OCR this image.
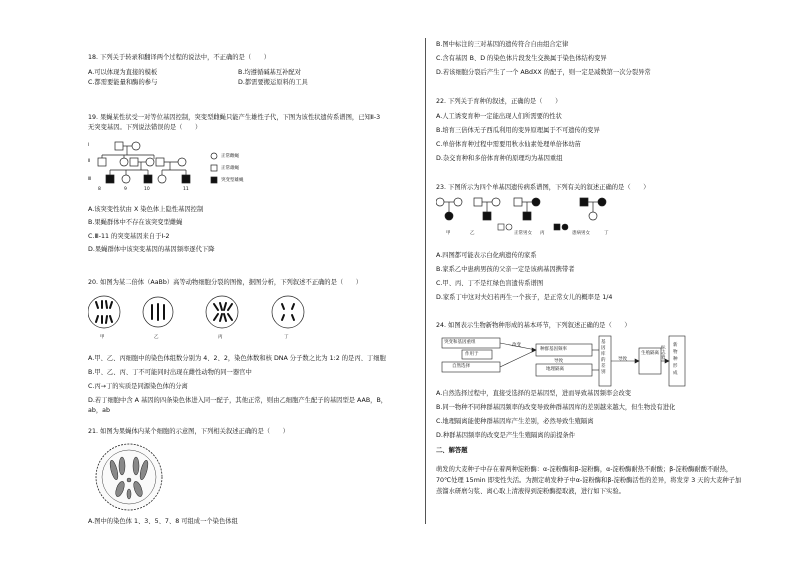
18. 下列关于转录和翻译两个过程的说法中，不正确的是（　　）
A.可以体现为直接的模板	B.均遵循碱基互补配对
C.都需要能量和酶的参与	D.都需要搬运原料的工具
19. 果蝇某性状受一对等位基因控制，突变型雌蝇只能产生雄性子代，下图为该性状遗传系谱图，已知Ⅱ-3
无突变基因。下列说法错误的是（　　）
Ⅰ
Ⅱ
Ⅲ
8	9	10	11
正常雌蝇
正常雄蝇
突变型雄蝇
A.该突变性状由 X 染色体上隐性基因控制
B.果蝇群体中不存在该突变型雌蝇
C.Ⅲ-11 的突变基因来自于Ⅰ-2
D.果蝇群体中该突变基因的基因频率逐代下降
20. 如图为某二倍体（AaBb）高等动物细胞分裂的图像，据图分析，下列叙述不正确的是（　　）
甲	乙	丙	丁
A.甲、乙、丙细胞中的染色体组数分别为 4、2、2，染色体数和核 DNA 分子数之比为 1:2 的是丙、丁细胞
B.甲、乙、丙、丁不可能同时出现在雌性动物的同一器官中
C.丙→丁的实质是同源染色体的分离
D.若丁细胞中含 A 基因的四条染色体进入同一配子，其他正常，则由乙细胞产生配子的基因型是 AAB，B，
ab，ab
21. 如图为果蝇体内某个细胞的示意图，下列相关叙述正确的是（　　）
A.图中的染色体 1、3、5、7、8 可组成一个染色体组
B.图中标注的三对基因的遗传符合自由组合定律
C.含有基因 B、D 的染色体片段发生交换属于染色体结构变异
D.若该细胞分裂后产生了一个 ABdXX 的配子，则一定是减数第一次分裂异常
22. 下列关于育种的叙述，正确的是（　　）
A.人工诱变育种一定能出现人们所需要的性状
B.培育三倍体无子西瓜利用的变异原理属于不可遗传的变异
C.单倍体育种过程中需要用秋水仙素处理单倍体幼苗
D.杂交育种和多倍体育种的原理均为基因重组
23. 下图所示为四个单基因遗传病系谱图，下列有关的叙述正确的是（　　）
甲	乙	正常男女 丙	患病男女	丁
A.四图都可能表示白化病遗传的家系
B.家系乙中患病男孩的父亲一定是该病基因携带者
C.甲、丙、丁不是红绿色盲遗传系谱图
D.家系丁中这对夫妇若再生一个孩子，是正常女儿的概率是 1/4
24. 如图表示生物新物种形成的基本环节，下列叙述正确的是（　　）
突变和基因重组
作用于
自然选择
改变
种群基因频率
导致
地理隔离
基因库的差别
导致
生殖隔离
标志着
新物种形成
A.自然选择过程中，直接受选择的是基因型，进而导致基因频率会改变
B.同一物种不同种群基因频率的改变导致种群基因库的差别越来越大，但生物没有进化
C.地理隔离能使种群基因库产生差别，必然导致生殖隔离
D.种群基因频率的改变是产生生殖隔离的前提条件
二、解答题
萌发的大麦种子中存在着两种淀粉酶：α-淀粉酶和β-淀粉酶，α-淀粉酶耐热不耐酸；β-淀粉酶耐酸不耐热，
70℃处理 15min 即变性失活。为测定萌发种子中α-淀粉酶和β-淀粉酶活性的差异，将发芽 3 天的大麦种子加
蒸馏水研磨匀浆、离心取上清液得到淀粉酶提取液，进行如下实验。
